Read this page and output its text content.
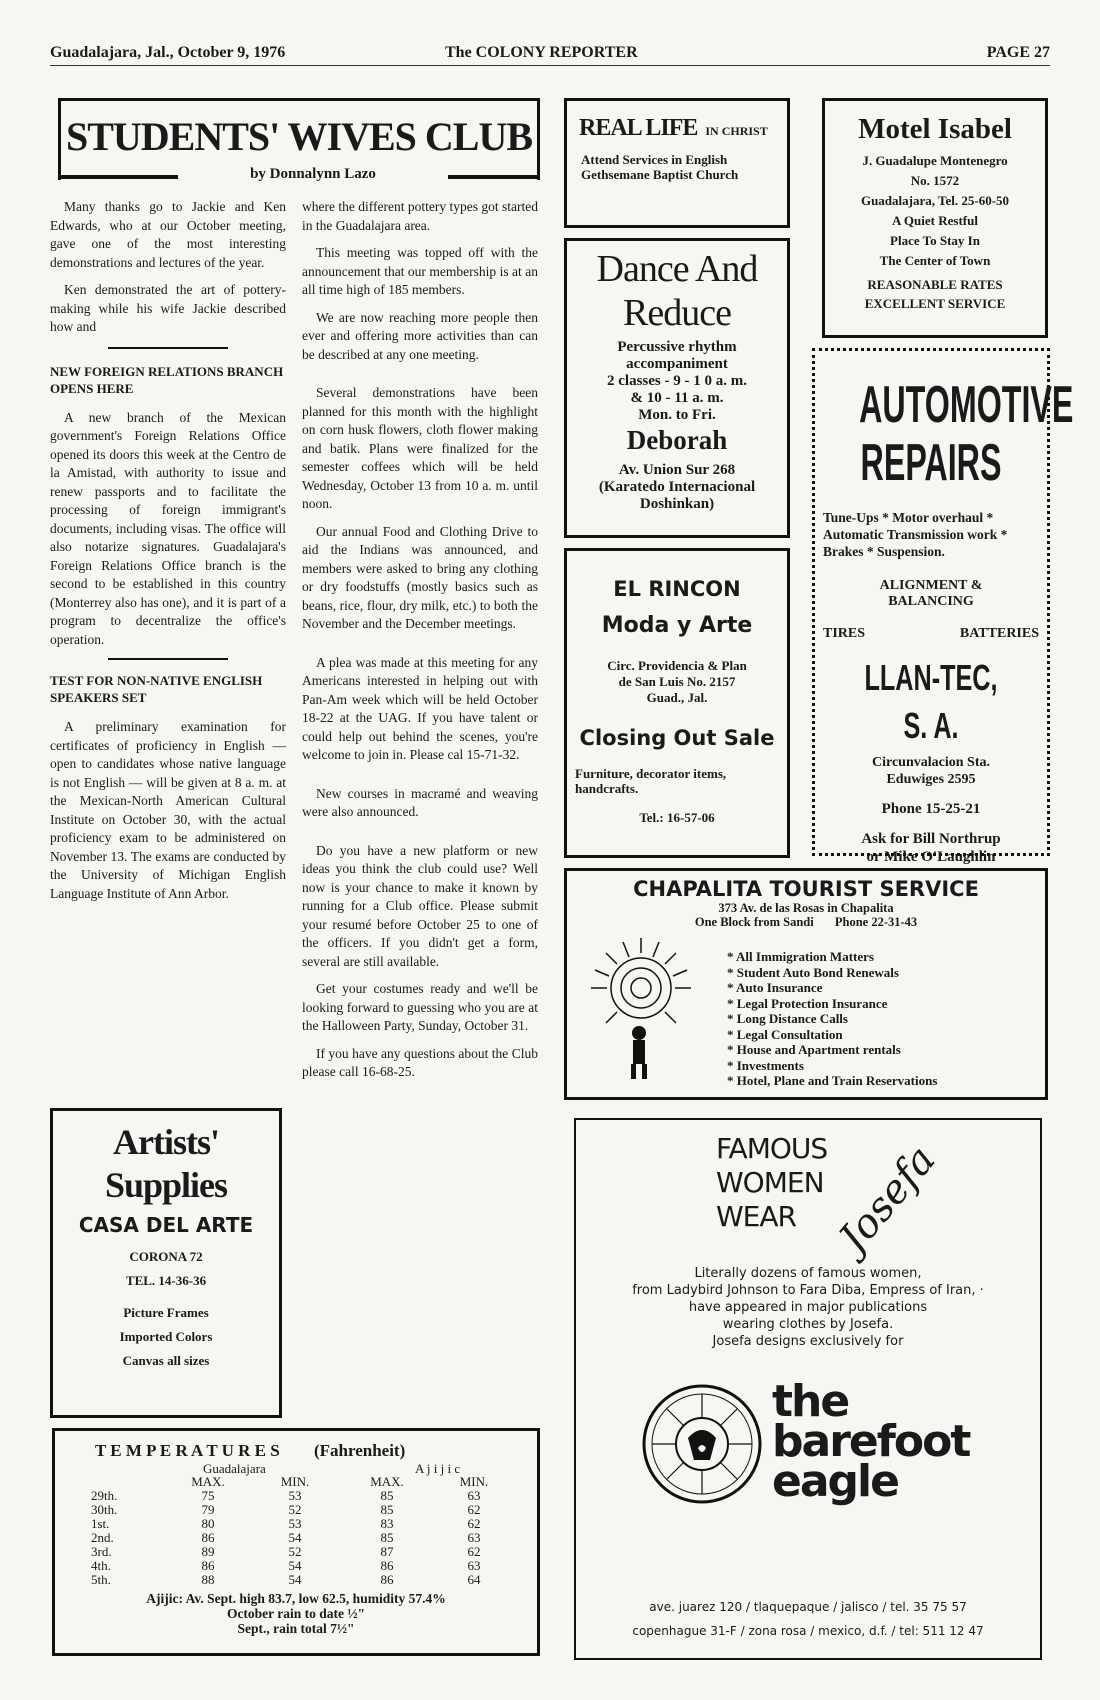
Guadalajara, Jal., October 9, 1976	The COLONY REPORTER	PAGE 27
STUDENTS' WIVES CLUB
by Donnalynn Lazo

Many thanks go to Jackie and Ken Edwards, who at our October meeting, gave one of the most interesting demonstrations and lectures of the year.

Ken demonstrated the art of pottery-making while his wife Jackie described how and

NEW FOREIGN RELATIONS BRANCH OPENS HERE

A new branch of the Mexican government's Foreign Relations Office opened its doors this week at the Centro de la Amistad, with authority to issue and renew passports and to facilitate the processing of foreign immigrant's documents, including visas. The office will also notarize signatures. Guadalajara's Foreign Relations Office branch is the second to be established in this country (Monterrey also has one), and it is part of a program to decentralize the office's operation.

TEST FOR NON-NATIVE ENGLISH SPEAKERS SET

A preliminary examination for certificates of proficiency in English — open to candidates whose native language is not English — will be given at 8 a. m. at the Mexican-North American Cultural Institute on October 30, with the actual proficiency exam to be administered on November 13. The exams are conducted by the University of Michigan English Language Institute of Ann Arbor.

Artists'
Supplies
CASA DEL ARTE
CORONA 72
TEL. 14-36-36
Picture Frames
Imported Colors
Canvas all sizes

where the different pottery types got started in the Guadalajara area.

This meeting was topped off with the announcement that our membership is at an all time high of 185 members.

We are now reaching more people then ever and offering more activities than can be described at any one meeting.

Several demonstrations have been planned for this month with the highlight on corn husk flowers, cloth flower making and batik. Plans were finalized for the semester coffees which will be held Wednesday, October 13 from 10 a. m. until noon.

Our annual Food and Clothing Drive to aid the Indians was announced, and members were asked to bring any clothing or dry foodstuffs (mostly basics such as beans, rice, flour, dry milk, etc.) to both the November and the December meetings.

A plea was made at this meeting for any Americans interested in helping out with Pan-Am week which will be held October 18-22 at the UAG. If you have talent or could help out behind the scenes, you're welcome to join in. Please cal 15-71-32.

New courses in macramé and weaving were also announced.

Do you have a new platform or new ideas you think the club could use? Well now is your chance to make it known by running for a Club office. Please submit your resumé before October 25 to one of the officers. If you didn't get a form, several are still available.

Get your costumes ready and we'll be looking forward to guessing who you are at the Halloween Party, Sunday, October 31.

If you have any questions about the Club please call 16-68-25.

T E M P E R A T U R E S (Fahrenheit)
Guadalajara	A j i j i c
	MAX.	MIN.	MAX.	MIN.
29th.	75	53	85	63
30th.	79	52	85	62
1st.	80	53	83	62
2nd.	86	54	85	63
3rd.	89	52	87	62
4th.	86	54	86	63
5th.	88	54	86	64
Ajijic: Av. Sept. high 83.7, low 62.5, humidity 57.4%
October rain to date ½"
Sept., rain total 7½"
REAL LIFE IN CHRIST
Attend Services in English
Gethsemane Baptist Church
Dance And
Reduce
Percussive rhythm
accompaniment
2 classes - 9 - 1 0 a. m.
& 10 - 11 a. m.
Mon. to Fri.
Deborah
Av. Union Sur 268
(Karatedo Internacional
Doshinkan)
EL RINCON
Moda y Arte
Circ. Providencia & Plan
de San Luis No. 2157
Guad., Jal.
Closing Out Sale
Furniture, decorator items, handcrafts.
Tel.: 16-57-06
Motel Isabel
J. Guadalupe Montenegro
No. 1572
Guadalajara, Tel. 25-60-50
A Quiet Restful
Place To Stay In
The Center of Town
REASONABLE RATES
EXCELLENT SERVICE
AUTOMOTIVE
REPAIRS
Tune-Ups * Motor overhaul * Automatic Transmission work * Brakes * Suspension.
ALIGNMENT & BALANCING
TIRES	BATTERIES
LLAN-TEC, S. A.
Circunvalacion Sta.
Eduwiges 2595
Phone 15-25-21
Ask for Bill Northrup
or Mike O'Laughlin
CHAPALITA TOURIST SERVICE
373 Av. de las Rosas in Chapalita
One Block from Sandi Phone 22-31-43
* All Immigration Matters
* Student Auto Bond Renewals
* Auto Insurance
* Legal Protection Insurance
* Long Distance Calls
* Legal Consultation
* House and Apartment rentals
* Investments
* Hotel, Plane and Train Reservations
FAMOUS
WOMEN
WEAR Josefa
Literally dozens of famous women,
from Ladybird Johnson to Fara Diba, Empress of Iran, ·
have appeared in major publications
wearing clothes by Josefa.
Josefa designs exclusively for
the
barefoot
eagle
ave. juarez 120 / tlaquepaque / jalisco / tel. 35 75 57
copenhague 31-F / zona rosa / mexico, d.f. / tel: 511 12 47
